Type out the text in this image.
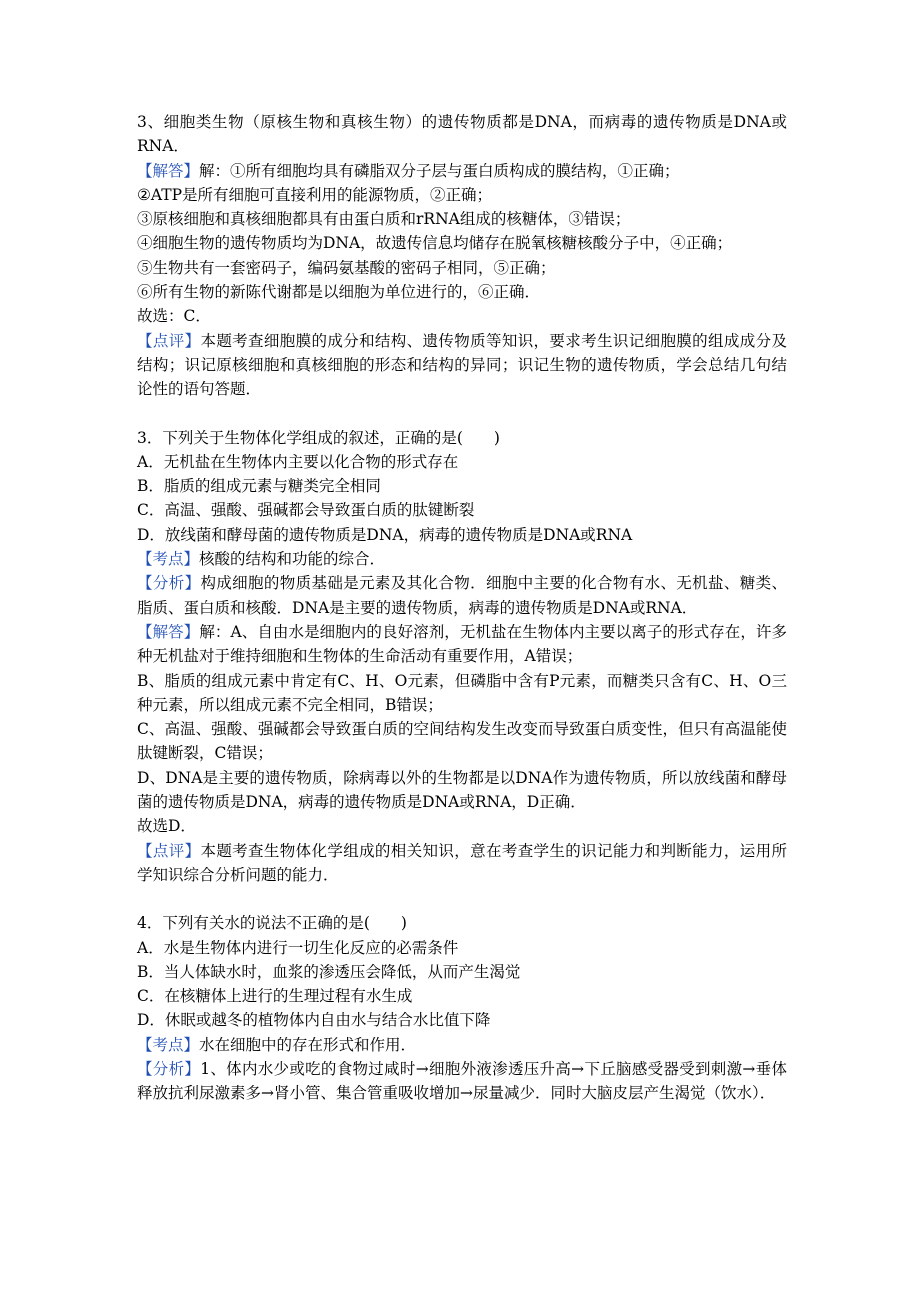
3、细胞类生物（原核生物和真核生物）的遗传物质都是DNA，而病毒的遗传物质是DNA或RNA．

【解答】解：①所有细胞均具有磷脂双分子层与蛋白质构成的膜结构，①正确；

②ATP是所有细胞可直接利用的能源物质，②正确；

③原核细胞和真核细胞都具有由蛋白质和rRNA组成的核糖体，③错误；

④细胞生物的遗传物质均为DNA，故遗传信息均储存在脱氧核糖核酸分子中，④正确；

⑤生物共有一套密码子，编码氨基酸的密码子相同，⑤正确；

⑥所有生物的新陈代谢都是以细胞为单位进行的，⑥正确．

故选：C．

【点评】本题考查细胞膜的成分和结构、遗传物质等知识，要求考生识记细胞膜的组成成分及结构；识记原核细胞和真核细胞的形态和结构的异同；识记生物的遗传物质，学会总结几句结论性的语句答题．

3．下列关于生物体化学组成的叙述，正确的是(　　)

A．无机盐在生物体内主要以化合物的形式存在

B．脂质的组成元素与糖类完全相同

C．高温、强酸、强碱都会导致蛋白质的肽键断裂

D．放线菌和酵母菌的遗传物质是DNA，病毒的遗传物质是DNA或RNA

【考点】核酸的结构和功能的综合．

【分析】构成细胞的物质基础是元素及其化合物．细胞中主要的化合物有水、无机盐、糖类、脂质、蛋白质和核酸．DNA是主要的遗传物质，病毒的遗传物质是DNA或RNA．

【解答】解：A、自由水是细胞内的良好溶剂，无机盐在生物体内主要以离子的形式存在，许多种无机盐对于维持细胞和生物体的生命活动有重要作用，A错误；

B、脂质的组成元素中肯定有C、H、O元素，但磷脂中含有P元素，而糖类只含有C、H、O三种元素，所以组成元素不完全相同，B错误；

C、高温、强酸、强碱都会导致蛋白质的空间结构发生改变而导致蛋白质变性，但只有高温能使肽键断裂，C错误；

D、DNA是主要的遗传物质，除病毒以外的生物都是以DNA作为遗传物质，所以放线菌和酵母菌的遗传物质是DNA，病毒的遗传物质是DNA或RNA，D正确．

故选D．

【点评】本题考查生物体化学组成的相关知识，意在考查学生的识记能力和判断能力，运用所学知识综合分析问题的能力．

4．下列有关水的说法不正确的是(　　)

A．水是生物体内进行一切生化反应的必需条件

B．当人体缺水时，血浆的渗透压会降低，从而产生渴觉

C．在核糖体上进行的生理过程有水生成

D．休眠或越冬的植物体内自由水与结合水比值下降

【考点】水在细胞中的存在形式和作用．

【分析】1、体内水少或吃的食物过咸时→细胞外液渗透压升高→下丘脑感受器受到刺激→垂体释放抗利尿激素多→肾小管、集合管重吸收增加→尿量减少．同时大脑皮层产生渴觉（饮水）．
